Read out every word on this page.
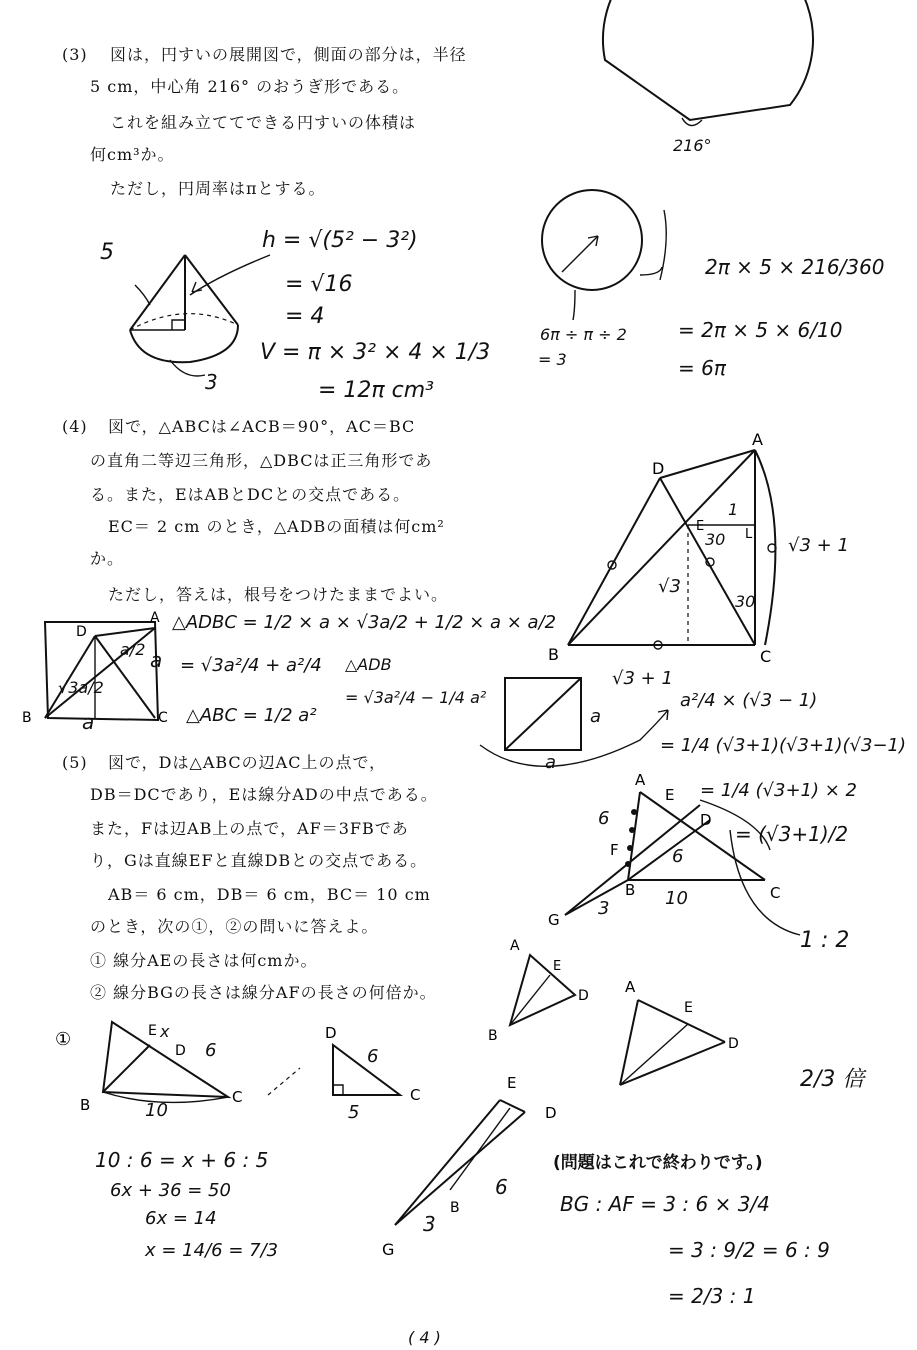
(3) 図は，円すいの展開図で，側面の部分は，半径
5 cm，中心角 216° のおうぎ形である。
これを組み立ててできる円すいの体積は
何cm³か。
ただし，円周率はπとする。
5
3
h = √(5² − 3²)
= √16
= 4
V = π × 3² × 4 × 1/3
= 12π cm³
216°
2π × 5 × 216/360
= 2π × 5 × 6/10
= 6π
6π ÷ π ÷ 2
= 3
(4) 図で，△ABCは∠ACB＝90°，AC＝BC
の直角二等辺三角形，△DBCは正三角形であ
る。また，EはABとDCとの交点である。
EC＝ 2 cm のとき，△ADBの面積は何cm²
か。
ただし，答えは，根号をつけたままでよい。
△ADBC = 1/2 × a × √3a/2 + 1/2 × a × a/2
= √3a²/4 + a²/4
△ABC = 1/2 a²
△ADB
= √3a²/4 − 1/4 a²	a²/4 × (√3 − 1)
= 1/4 (√3+1)(√3+1)(√3−1)
= 1/4 (√3+1) × 2
= (√3+1)/2
√3 + 1
√3 + 1
√3
1
30
30
a
a
a/2
√3a/2
a
a
(5) 図で，Dは△ABCの辺AC上の点で，
DB＝DCであり，Eは線分ADの中点である。
また，Fは辺AB上の点で，AF＝3FBであ
り，Gは直線EFと直線DBとの交点である。
AB＝ 6 cm，DB＝ 6 cm，BC＝ 10 cm
のとき，次の①，②の問いに答えよ。
① 線分AEの長さは何cmか。
② 線分BGの長さは線分AFの長さの何倍か。
10 : 6 = x + 6 : 5
6x + 36 = 50
6x = 14
x = 14/6 = 7/3
1 : 2
2/3 倍
BG : AF = 3 : 6 × 3/4
= 3 : 9/2 = 6 : 9
= 2/3 : 1
(問題はこれで終わりです。)
( 4 )
6
6
10
3
6
10
6
5
x
6
3
D
A
B	C
E
L
D
A
B	C
A
F
B	C
E
D
G
A
B
D
E
A
E
D
①
B	C
E
D
D
C
E
D
B
G
